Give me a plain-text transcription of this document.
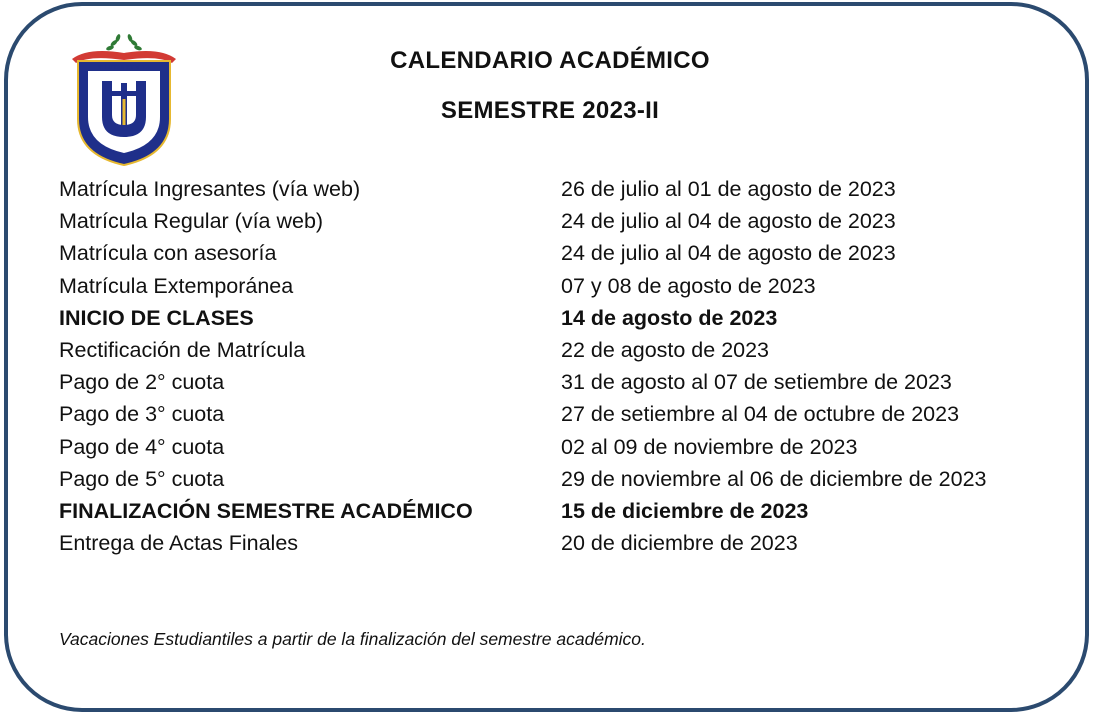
VERITAS ET VITA	CALENDARIO ACADÉMICO
SEMESTRE 2023-II
Matrícula Ingresantes (vía web)	26 de julio al 01 de agosto de 2023
Matrícula Regular (vía web)	24 de julio al 04 de agosto de 2023
Matrícula con asesoría	24 de julio al 04 de agosto de 2023
Matrícula Extemporánea	07 y 08 de agosto de 2023
INICIO DE CLASES	14 de agosto de 2023
Rectificación de Matrícula	22 de agosto de 2023
Pago de 2° cuota	31 de agosto al 07 de setiembre de 2023
Pago de 3° cuota	27 de setiembre al 04 de octubre de 2023
Pago de 4° cuota	02 al 09 de noviembre de 2023
Pago de 5° cuota	29 de noviembre al 06 de diciembre de 2023
FINALIZACIÓN SEMESTRE ACADÉMICO	15 de diciembre de 2023
Entrega de Actas Finales	20 de diciembre de 2023
Vacaciones Estudiantiles a partir de la finalización del semestre académico.
